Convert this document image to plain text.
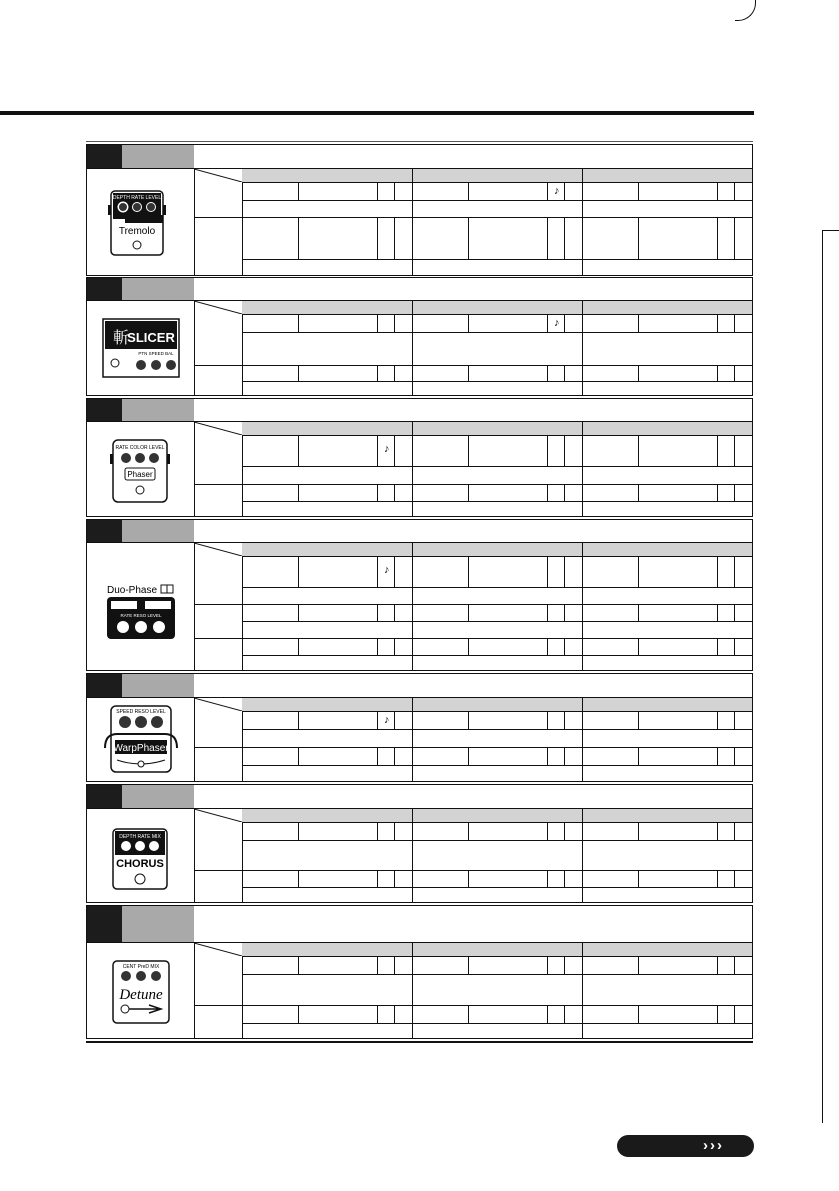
DEPTH RATE LEVEL
Tremolo
♪
斬
SLICER
PTN SPEED BAL
♪
RATE COLOR LEVEL
Phaser
♪
Duo-Phase
RATE RESO LEVEL
♪
SPEED RESO LEVEL
WarpPhaser
♪
DEPTH RATE MIX
CHORUS
CENT PreD MIX
Detune
›››
